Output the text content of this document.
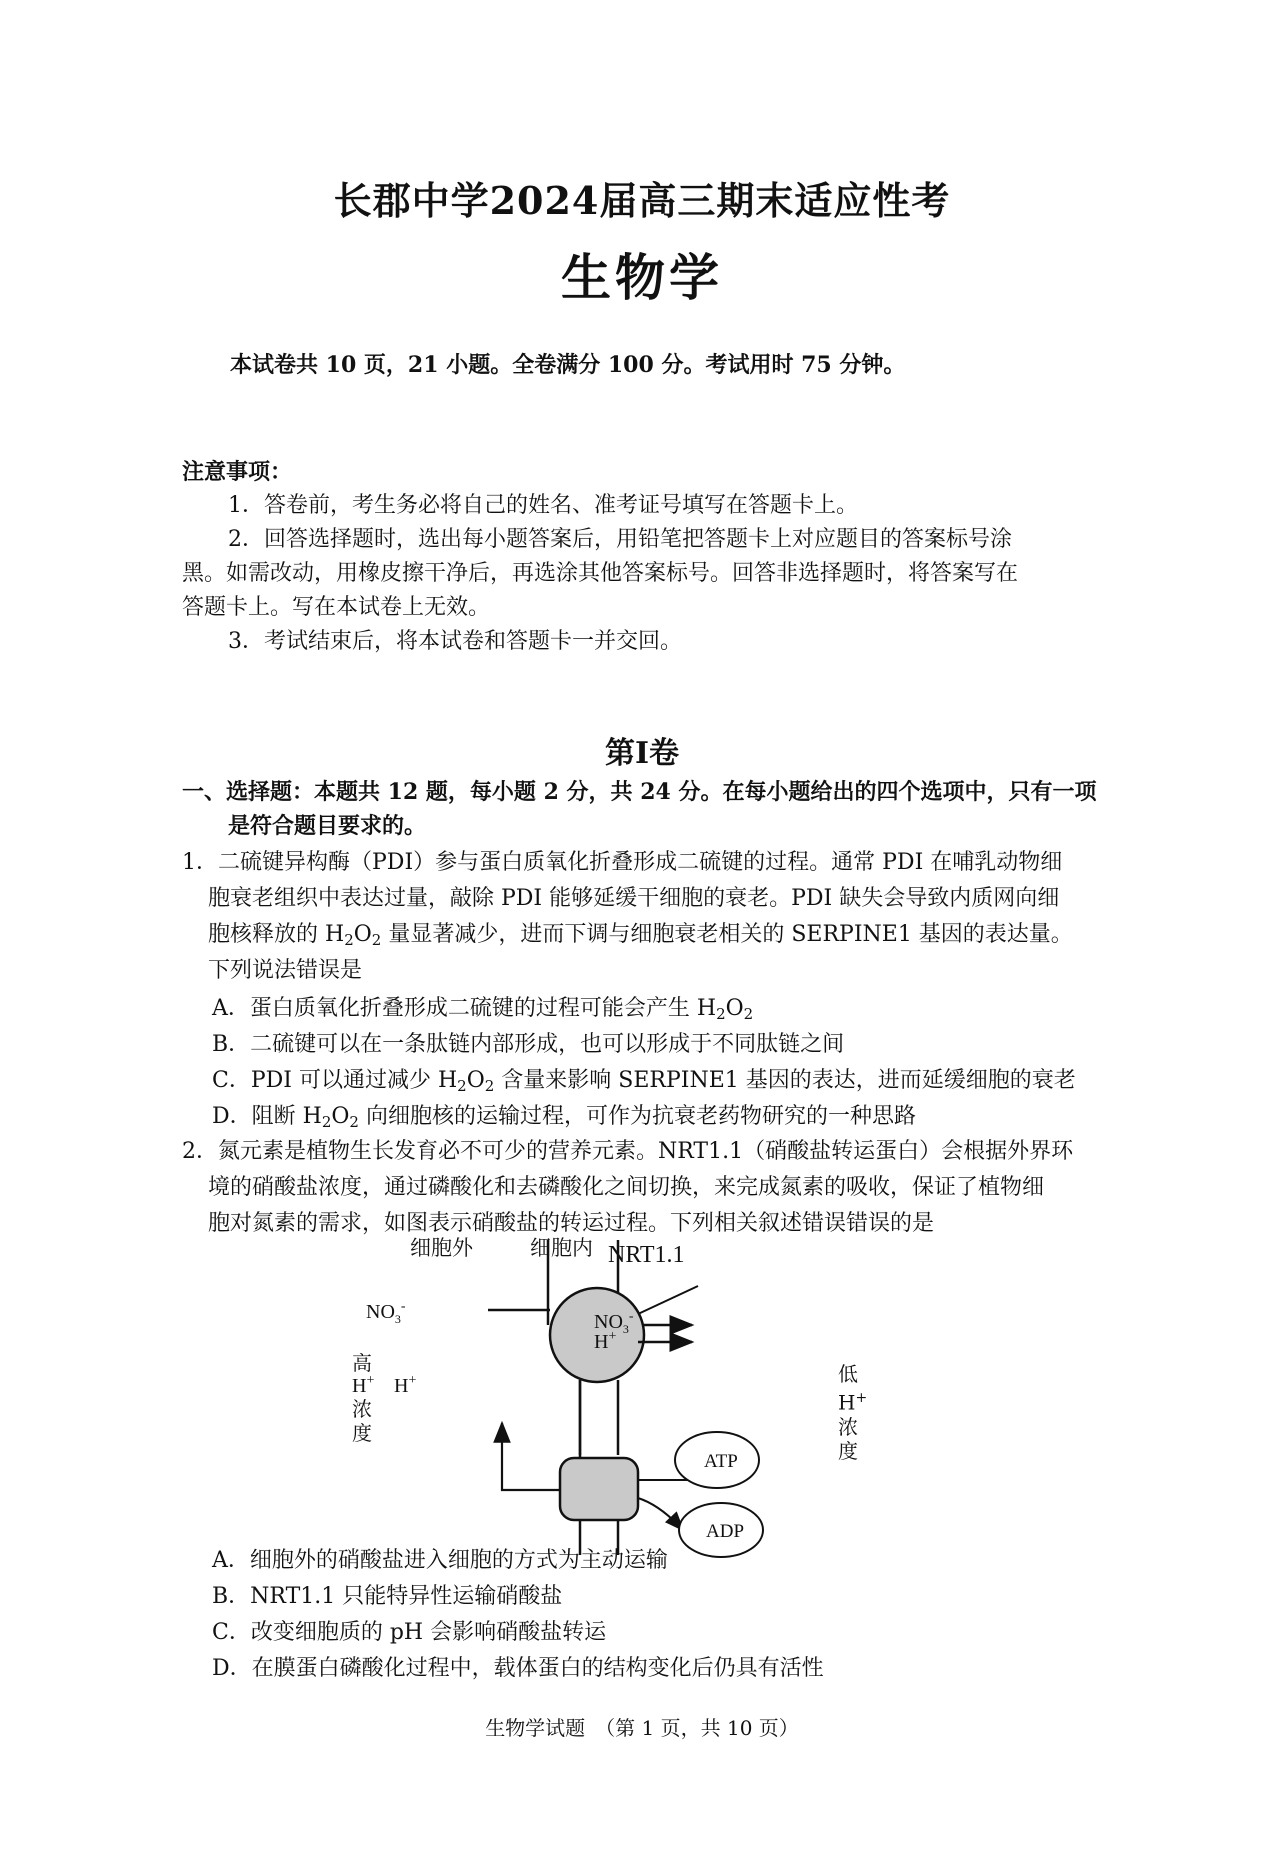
长郡中学2024届高三期末适应性考
生物学
本试卷共 10 页，21 小题。全卷满分 100 分。考试用时 75 分钟。
注意事项：
1．答卷前，考生务必将自己的姓名、准考证号填写在答题卡上。
2．回答选择题时，选出每小题答案后，用铅笔把答题卡上对应题目的答案标号涂
黑。如需改动，用橡皮擦干净后，再选涂其他答案标号。回答非选择题时，将答案写在
答题卡上。写在本试卷上无效。
3．考试结束后，将本试卷和答题卡一并交回。
第Ⅰ卷
一、选择题：本题共 12 题，每小题 2 分，共 24 分。在每小题给出的四个选项中，只有一项
是符合题目要求的。
1．二硫键异构酶（PDI）参与蛋白质氧化折叠形成二硫键的过程。通常 PDI 在哺乳动物细
胞衰老组织中表达过量，敲除 PDI 能够延缓干细胞的衰老。PDI 缺失会导致内质网向细
胞核释放的 $H_2O_2$ 量显著减少，进而下调与细胞衰老相关的 SERPINE1 基因的表达量。
下列说法错误是
A．蛋白质氧化折叠形成二硫键的过程可能会产生 $H_2O_2$
B．二硫键可以在一条肽链内部形成，也可以形成于不同肽链之间
C．PDI 可以通过减少 $H_2O_2$ 含量来影响 SERPINE1 基因的表达，进而延缓细胞的衰老
D．阻断 $H_2O_2$ 向细胞核的运输过程，可作为抗衰老药物研究的一种思路
2．氮元素是植物生长发育必不可少的营养元素。NRT1.1（硝酸盐转运蛋白）会根据外界环
境的硝酸盐浓度，通过磷酸化和去磷酸化之间切换，来完成氮素的吸收，保证了植物细
胞对氮素的需求，如图表示硝酸盐的转运过程。下列相关叙述错误错误的是
细胞外	细胞内 NRT1.1
$NO_3^-$
$NO_3^-$
H+
高
H+
浓
度
H+
ATP
ADP
低
H+
浓
度
A．细胞外的硝酸盐进入细胞的方式为主动运输
B．NRT1.1 只能特异性运输硝酸盐
C．改变细胞质的 pH 会影响硝酸盐转运
D．在膜蛋白磷酸化过程中，载体蛋白的结构变化后仍具有活性
生物学试题　（第 1 页，共 10 页）
